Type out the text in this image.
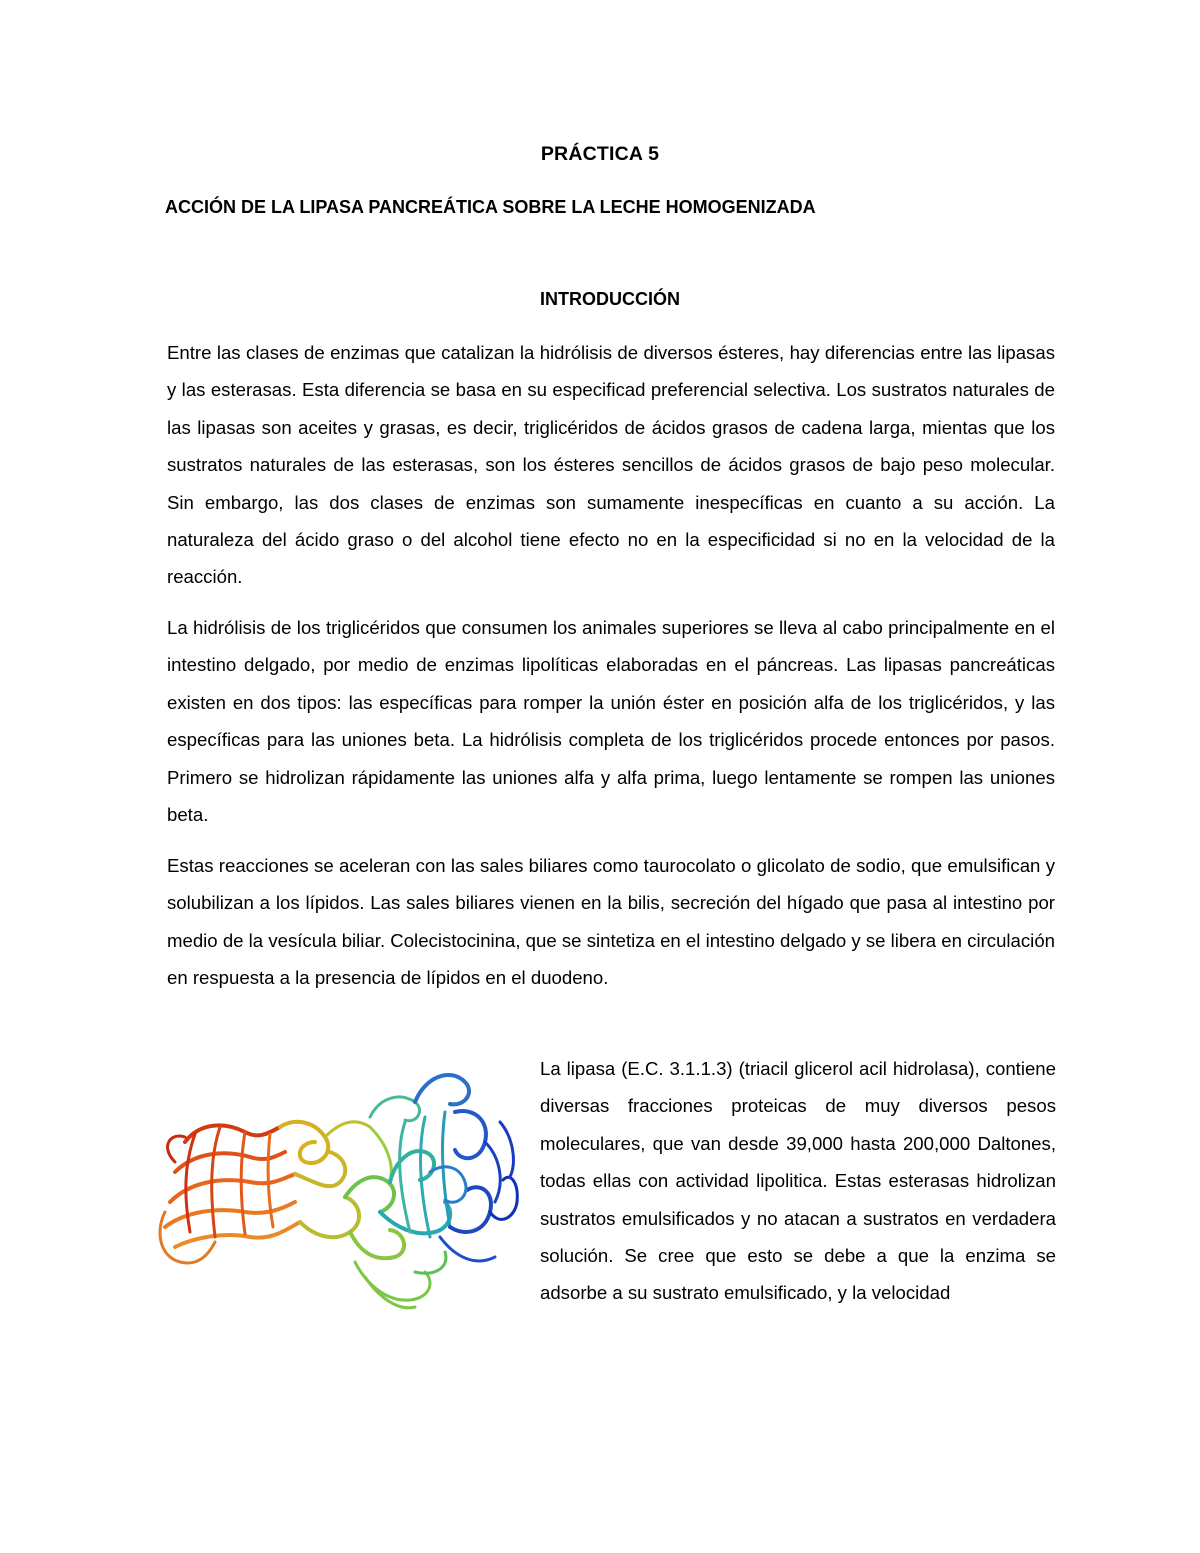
PRÁCTICA 5
ACCIÓN DE LA LIPASA PANCREÁTICA SOBRE LA LECHE HOMOGENIZADA
INTRODUCCIÓN

Entre las clases de enzimas que catalizan la hidrólisis de diversos ésteres, hay diferencias entre las lipasas y las esterasas. Esta diferencia se basa en su especificad preferencial selectiva. Los sustratos naturales de las lipasas son aceites y grasas, es decir, triglicéridos de ácidos grasos de cadena larga, mientas que los sustratos naturales de las esterasas, son los ésteres sencillos de ácidos grasos de bajo peso molecular. Sin embargo, las dos clases de enzimas son sumamente inespecíficas en cuanto a su acción. La naturaleza del ácido graso o del alcohol tiene efecto no en la especificidad si no en la velocidad de la reacción.

La hidrólisis de los triglicéridos que consumen los animales superiores se lleva al cabo principalmente en el intestino delgado, por medio de enzimas lipolíticas elaboradas en el páncreas. Las lipasas pancreáticas existen en dos tipos: las específicas para romper la unión éster en posición alfa de los triglicéridos, y las específicas para las uniones beta. La hidrólisis completa de los triglicéridos procede entonces por pasos. Primero se hidrolizan rápidamente las uniones alfa y alfa prima, luego lentamente se rompen las uniones beta.

Estas reacciones se aceleran con las sales biliares como taurocolato o glicolato de sodio, que emulsifican y solubilizan a los lípidos. Las sales biliares vienen en la bilis, secreción del hígado que pasa al intestino por medio de la vesícula biliar. Colecistocinina, que se sintetiza en el intestino delgado y se libera en circulación en respuesta a la presencia de lípidos en el duodeno.

La lipasa (E.C. 3.1.1.3) (triacil glicerol acil hidrolasa), contiene diversas fracciones proteicas de muy diversos pesos moleculares, que van desde 39,000 hasta 200,000 Daltones, todas ellas con actividad lipolitica. Estas esterasas hidrolizan sustratos emulsificados y no atacan a sustratos en verdadera solución. Se cree que esto se debe a que la enzima se adsorbe a su sustrato emulsificado, y la velocidad
